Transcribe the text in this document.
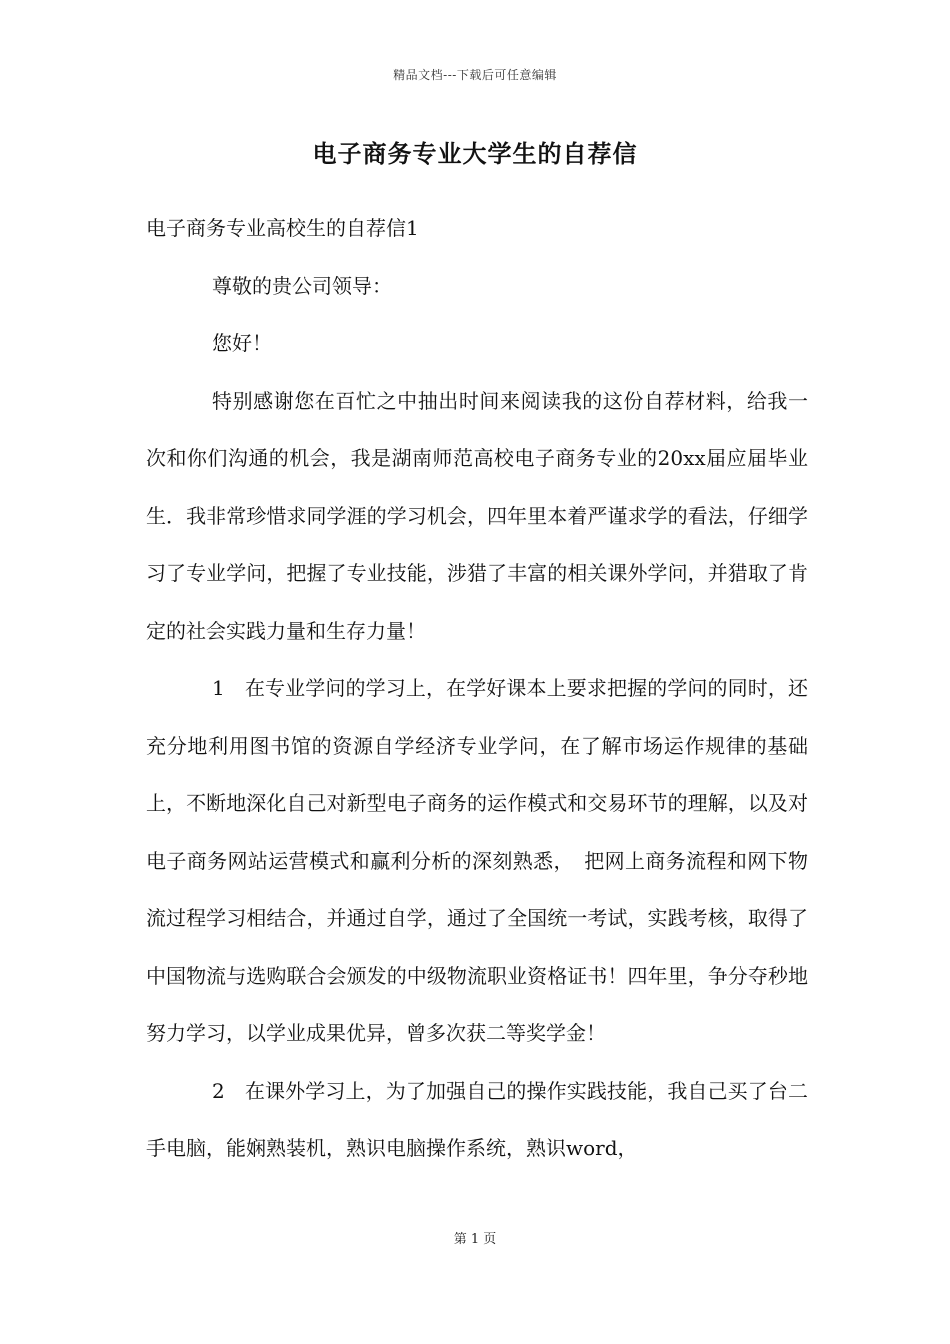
精品文档---下载后可任意编辑
电子商务专业大学生的自荐信

电子商务专业高校生的自荐信1

尊敬的贵公司领导：

您好！

特别感谢您在百忙之中抽出时间来阅读我的这份自荐材料，给我一次和你们沟通的机会，我是湖南师范高校电子商务专业的20xx届应届毕业生．我非常珍惜求同学涯的学习机会，四年里本着严谨求学的看法，仔细学习了专业学问，把握了专业技能，涉猎了丰富的相关课外学问，并猎取了肯定的社会实践力量和生存力量！

1　在专业学问的学习上，在学好课本上要求把握的学问的同时，还充分地利用图书馆的资源自学经济专业学问，在了解市场运作规律的基础上，不断地深化自己对新型电子商务的运作模式和交易环节的理解，以及对电子商务网站运营模式和赢利分析的深刻熟悉，　把网上商务流程和网下物流过程学习相结合，并通过自学，通过了全国统一考试，实践考核，取得了中国物流与选购联合会颁发的中级物流职业资格证书！四年里，争分夺秒地努力学习，以学业成果优异，曾多次获二等奖学金！

2　在课外学习上，为了加强自己的操作实践技能，我自己买了台二手电脑，能娴熟装机，熟识电脑操作系统，熟识word，

第 1 页
